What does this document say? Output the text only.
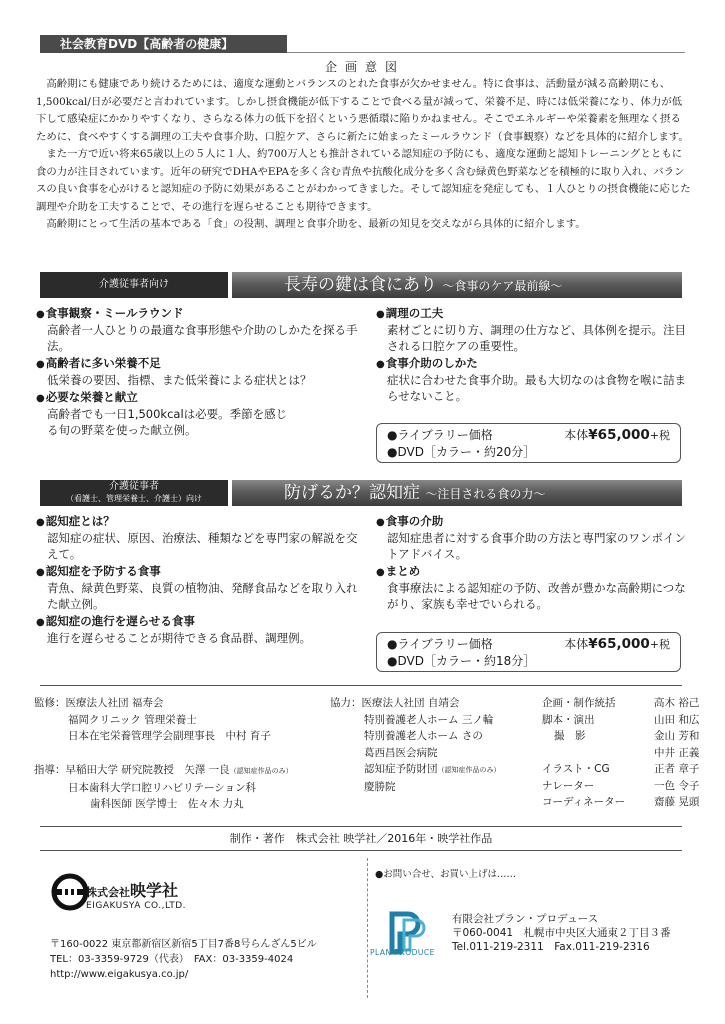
社会教育DVD【高齢者の健康】
企画意図

高齢期にも健康であり続けるためには、適度な運動とバランスのとれた食事が欠かせません。特に食事は、活動量が減る高齢期にも、1,500kcal/日が必要だと言われています。しかし摂食機能が低下することで食べる量が減って、栄養不足、時には低栄養になり、体力が低下して感染症にかかりやすくなり、さらなる体力の低下を招くという悪循環に陥りかねません。そこでエネルギーや栄養素を無理なく摂るために、食べやすくする調理の工夫や食事介助、口腔ケア、さらに新たに始まったミールラウンド（食事観察）などを具体的に紹介します。

また一方で近い将来65歳以上の５人に１人、約700万人とも推計されている認知症の予防にも、適度な運動と認知トレーニングとともに食の力が注目されています。近年の研究でDHAやEPAを多く含む青魚や抗酸化成分を多く含む緑黄色野菜などを積極的に取り入れ、バランスの良い食事を心がけると認知症の予防に効果があることがわかってきました。そして認知症を発症しても、１人ひとりの摂食機能に応じた調理や介助を工夫することで、その進行を遅らせることも期待できます。

高齢期にとって生活の基本である「食」の役割、調理と食事介助を、最新の知見を交えながら具体的に紹介します。

介護従事者向け	長寿の鍵は食にあり ～食事のケア最前線～
● 食事観察・ミールラウンド
高齢者一人ひとりの最適な食事形態や介助のしかたを探る手法。
● 高齢者に多い栄養不足
低栄養の要因、指標、また低栄養による症状とは？
● 必要な栄養と献立
高齢者でも一日1,500kcalは必要。季節を感じる旬の野菜を使った献立例。
● 調理の工夫
素材ごとに切り方、調理の仕方など、具体例を提示。注目される口腔ケアの重要性。
● 食事介助のしかた
症状に合わせた食事介助。最も大切なのは食物を喉に詰まらせないこと。
●ライブラリー価格	本体¥65,000+税
●DVD［カラー・約20分］
介護従事者
（看護士、管理栄養士、介護士）向け	防げるか？認知症 ～注目される食の力～
● 認知症とは？
認知症の症状、原因、治療法、種類などを専門家の解説を交えて。
● 認知症を予防する食事
青魚、緑黄色野菜、良質の植物油、発酵食品などを取り入れた献立例。
● 認知症の進行を遅らせる食事
進行を遅らせることが期待できる食品群、調理例。
● 食事の介助
認知症患者に対する食事介助の方法と専門家のワンポイントアドバイス。
● まとめ
食事療法による認知症の予防、改善が豊かな高齢期につながり、家族も幸せでいられる。
●ライブラリー価格	本体¥65,000+税
●DVD［カラー・約18分］
監修：医療法人社団 福寿会
福岡クリニック 管理栄養士
日本在宅栄養管理学会副理事長　中村 育子
指導：早稲田大学 研究院教授　矢澤 一良（認知症作品のみ）
日本歯科大学口腔リハビリテーション科
歯科医師 医学博士　佐々木 力丸
協力：医療法人社団 自靖会
特別養護老人ホーム 三ノ輪
特別養護老人ホーム さの
葛西昌医会病院
認知症予防財団（認知症作品のみ）
慶勝院
企画・制作統括	高木 裕己
脚本・演出	山田 和広
撮　影	金山 芳和
中井 正義
イラスト・CG	正者 章子
ナレーター	一色 令子
コーディネーター	齋藤 晃頭
制作・著作　株式会社 映学社／2016年・映学社作品
株式会社映学社
EIGAKUSYA CO.,LTD.
〒160-0022 東京都新宿区新宿5丁目7番8号らんざん5ビル
TEL：03-3359-9729（代表）　FAX：03-3359-4024
http://www.eigakusya.co.jp/
●お問い合せ、お買い上げは……
PLAN PRODUCE
有限会社プラン・プロデュース
〒060-0041　札幌市中央区大通東２丁目３番
Tel.011-219-2311　Fax.011-219-2316
